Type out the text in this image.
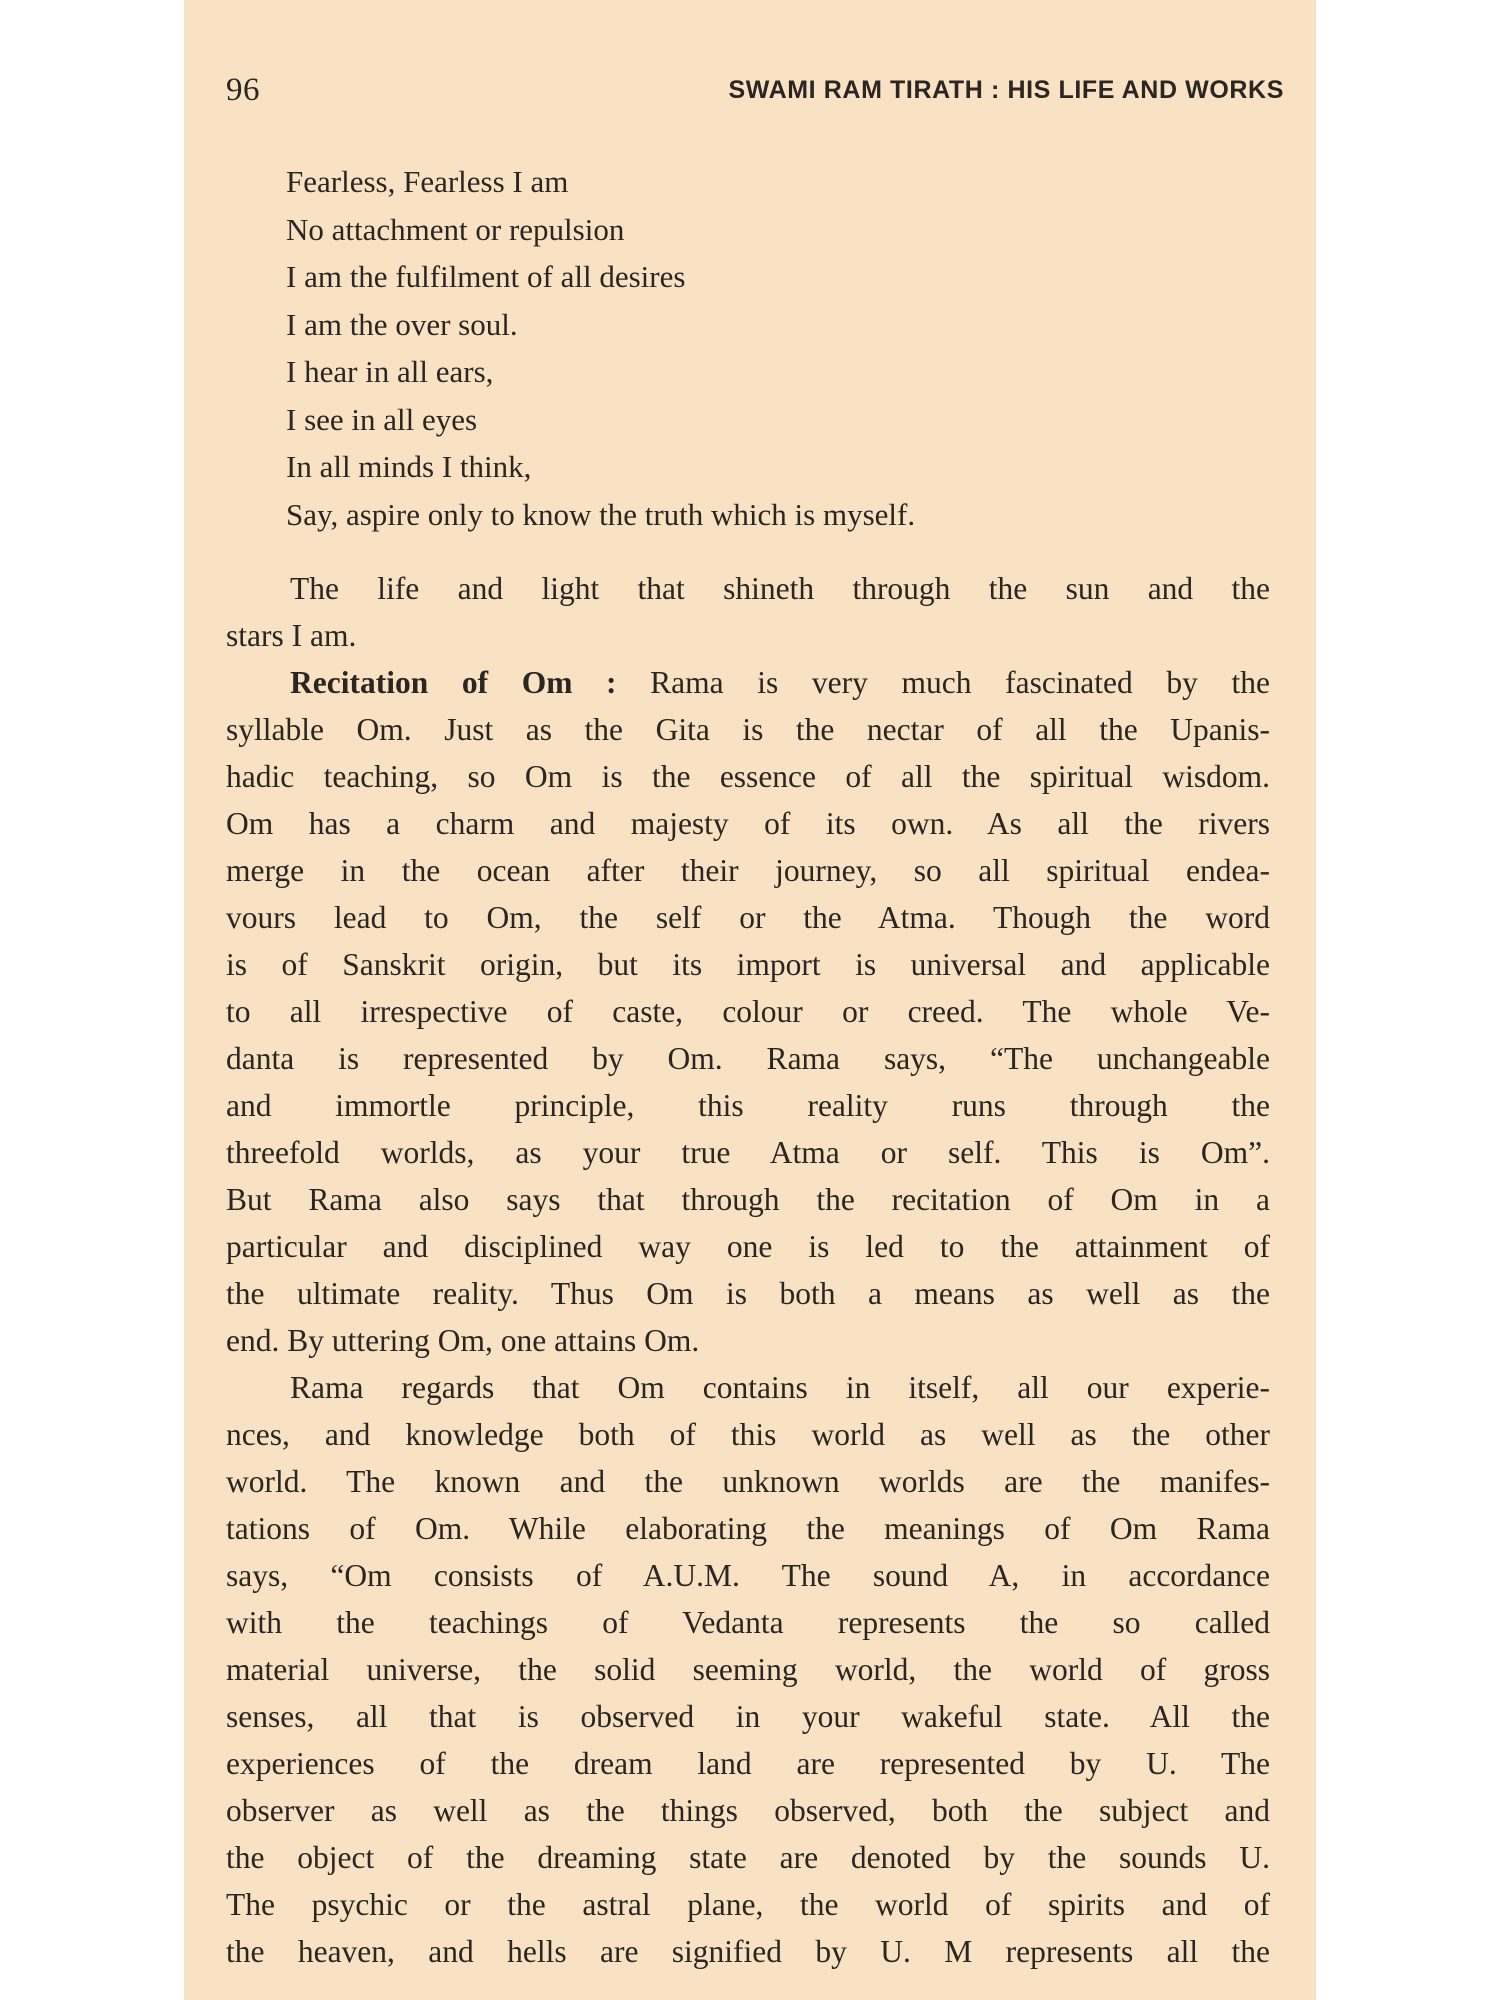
96	SWAMI RAM TIRATH : HIS LIFE AND WORKS
Fearless, Fearless I am
No attachment or repulsion
I am the fulfilment of all desires
I am the over soul.
I hear in all ears,
I see in all eyes
In all minds I think,
Say, aspire only to know the truth which is myself.
The life and light that shineth through the sun and the
stars I am.
Recitation of Om : Rama is very much fascinated by the
syllable Om. Just as the Gita is the nectar of all the Upanis-
hadic teaching, so Om is the essence of all the spiritual wisdom.
Om has a charm and majesty of its own. As all the rivers
merge in the ocean after their journey, so all spiritual endea-
vours lead to Om, the self or the Atma. Though the word
is of Sanskrit origin, but its import is universal and applicable
to all irrespective of caste, colour or creed. The whole Ve-
danta is represented by Om. Rama says, “The unchangeable
and immortle principle, this reality runs through the
threefold worlds, as your true Atma or self. This is Om”.
But Rama also says that through the recitation of Om in a
particular and disciplined way one is led to the attainment of
the ultimate reality. Thus Om is both a means as well as the
end. By uttering Om, one attains Om.
Rama regards that Om contains in itself, all our experie-
nces, and knowledge both of this world as well as the other
world. The known and the unknown worlds are the manifes-
tations of Om. While elaborating the meanings of Om Rama
says, “Om consists of A.U.M. The sound A, in accordance
with the teachings of Vedanta represents the so called
material universe, the solid seeming world, the world of gross
senses, all that is observed in your wakeful state. All the
experiences of the dream land are represented by U. The
observer as well as the things observed, both the subject and
the object of the dreaming state are denoted by the sounds U.
The psychic or the astral plane, the world of spirits and of
the heaven, and hells are signified by U. M represents all the
